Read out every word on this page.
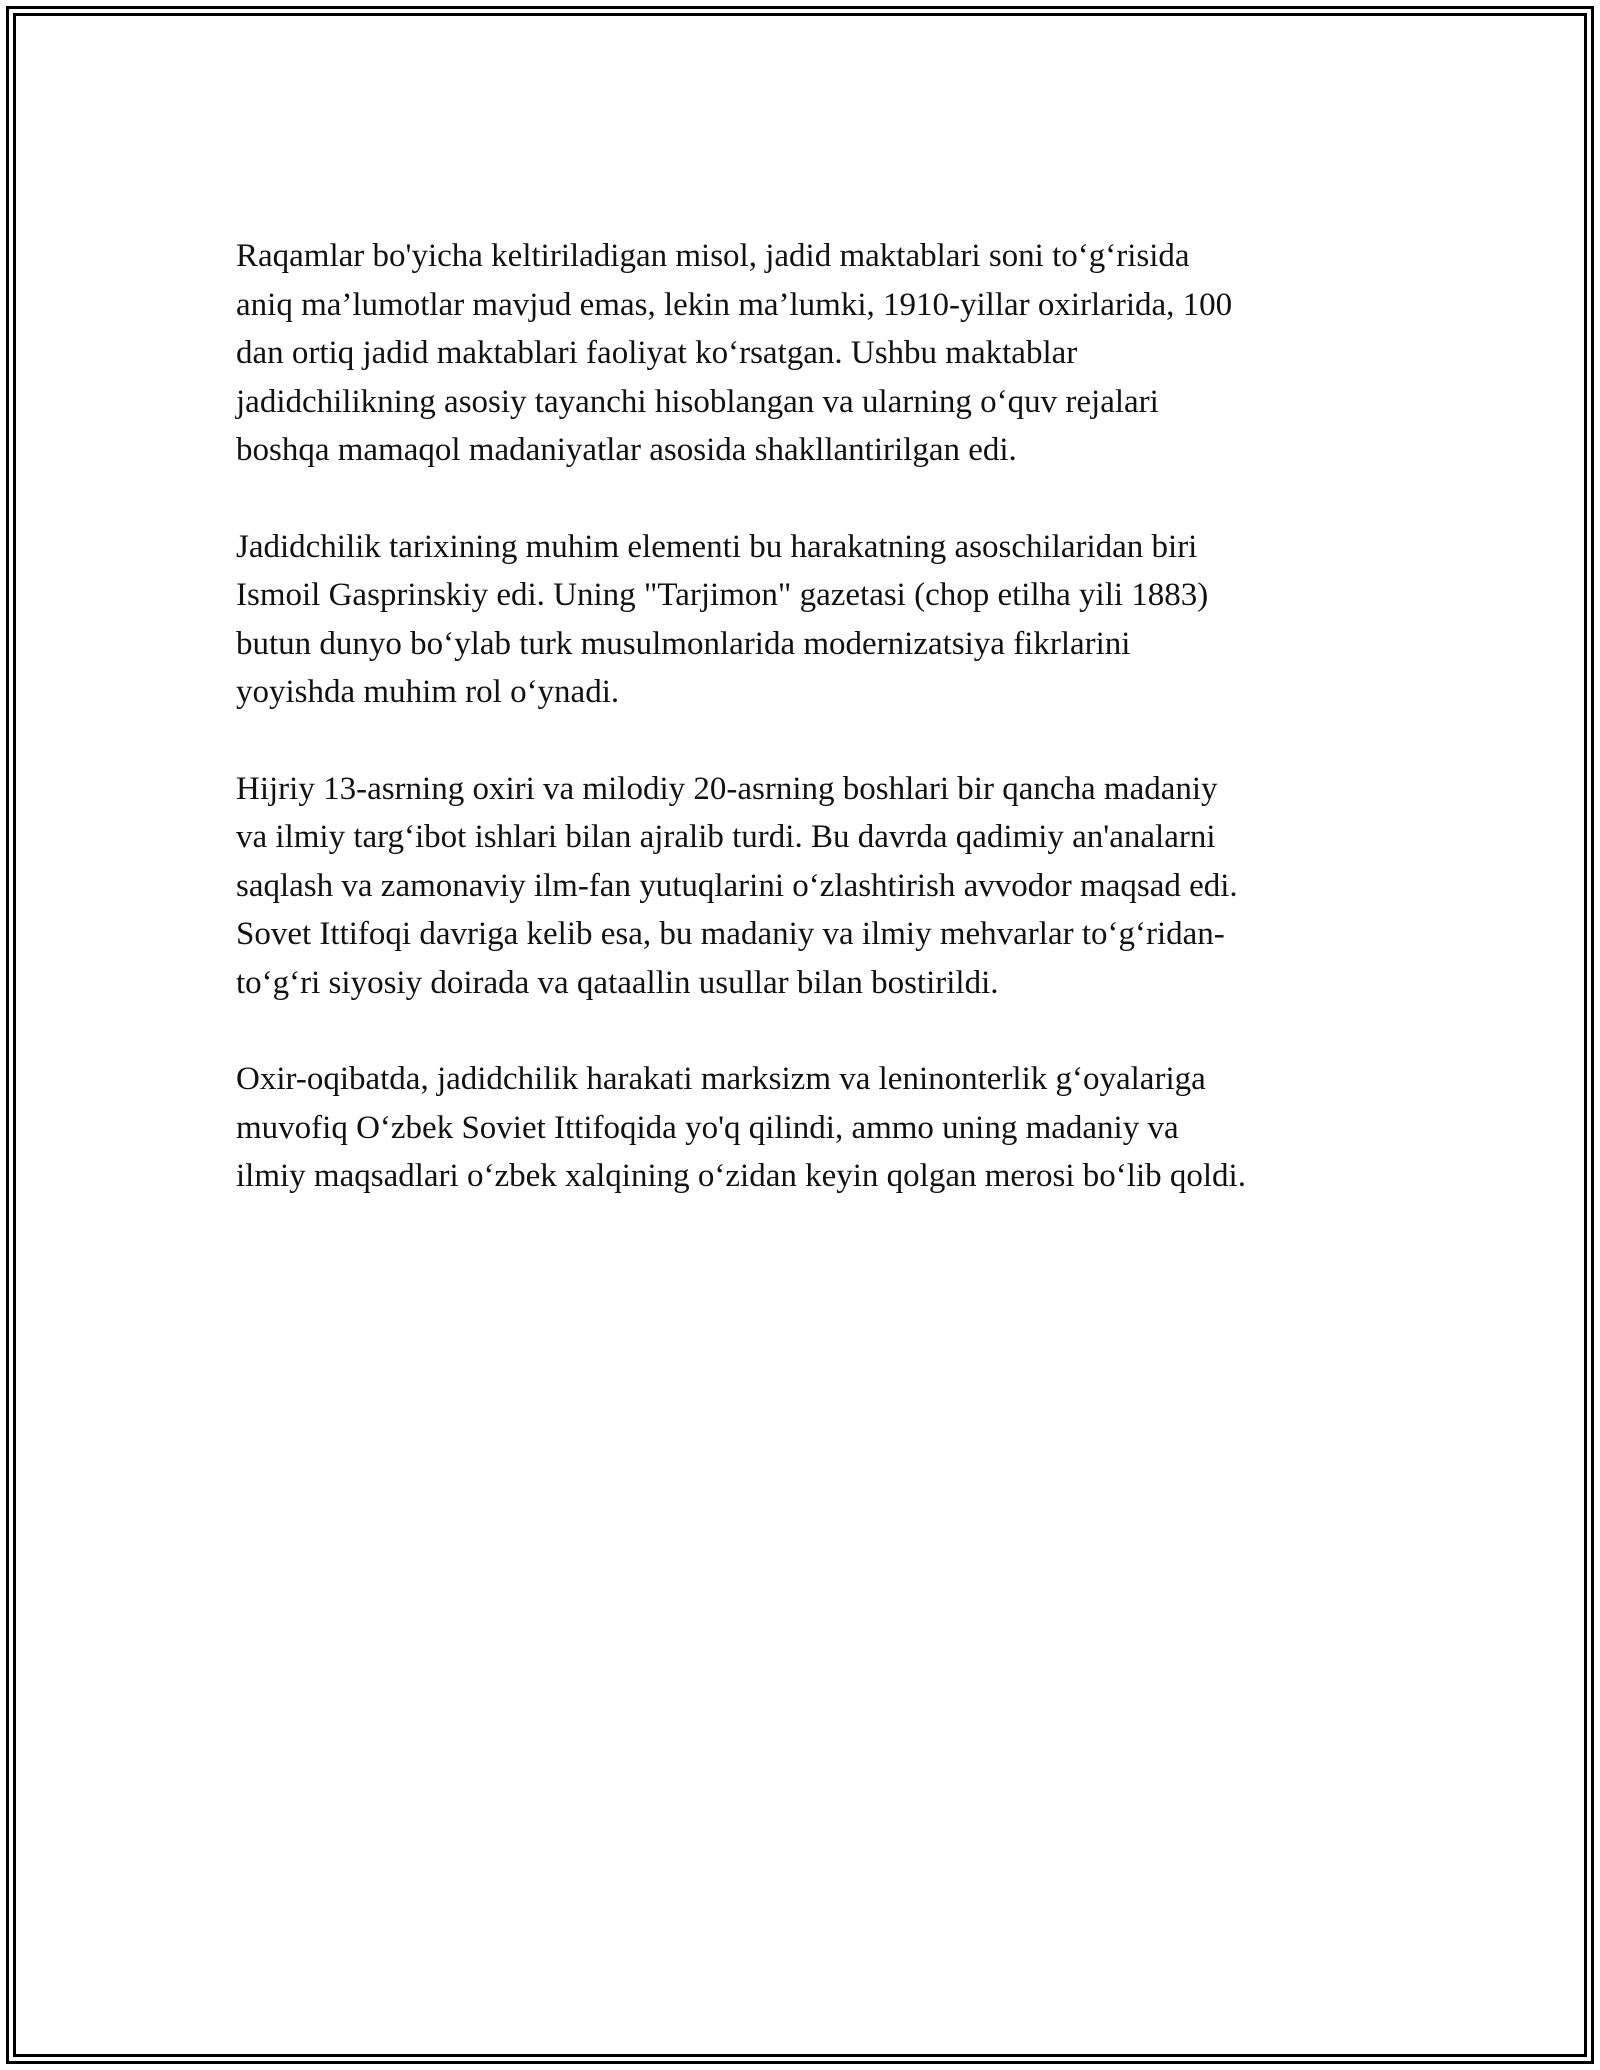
Raqamlar bo'yicha keltiriladigan misol, jadid maktablari soni to‘g‘risida
aniq ma’lumotlar mavjud emas, lekin ma’lumki, 1910-yillar oxirlarida, 100
dan ortiq jadid maktablari faoliyat ko‘rsatgan. Ushbu maktablar
jadidchilikning asosiy tayanchi hisoblangan va ularning o‘quv rejalari
boshqa mamaqol madaniyatlar asosida shakllantirilgan edi.

Jadidchilik tarixining muhim elementi bu harakatning asoschilaridan biri
Ismoil Gasprinskiy edi. Uning "Tarjimon" gazetasi (chop etilha yili 1883)
butun dunyo bo‘ylab turk musulmonlarida modernizatsiya fikrlarini
yoyishda muhim rol o‘ynadi.

Hijriy 13-asrning oxiri va milodiy 20-asrning boshlari bir qancha madaniy
va ilmiy targ‘ibot ishlari bilan ajralib turdi. Bu davrda qadimiy an'analarni
saqlash va zamonaviy ilm-fan yutuqlarini o‘zlashtirish avvodor maqsad edi.
Sovet Ittifoqi davriga kelib esa, bu madaniy va ilmiy mehvarlar to‘g‘ridan-
to‘g‘ri siyosiy doirada va qataallin usullar bilan bostirildi.

Oxir-oqibatda, jadidchilik harakati marksizm va leninonterlik g‘oyalariga
muvofiq O‘zbek Soviet Ittifoqida yo'q qilindi, ammo uning madaniy va
ilmiy maqsadlari o‘zbek xalqining o‘zidan keyin qolgan merosi bo‘lib qoldi.
